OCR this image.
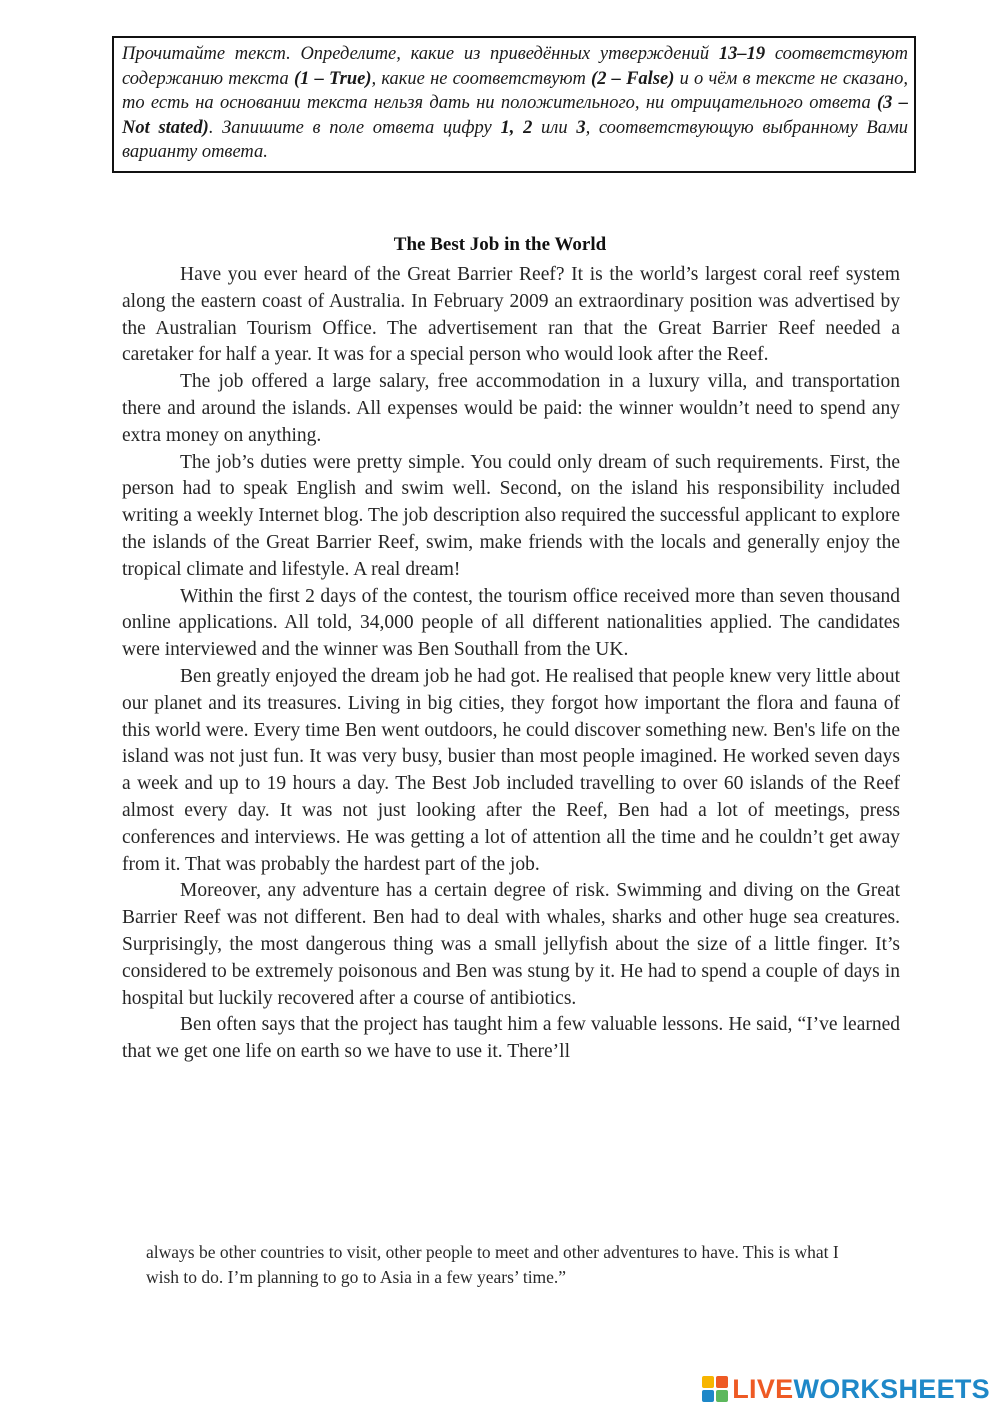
Прочитайте текст. Определите, какие из приведённых утверждений 13–19 соответствуют содержанию текста (1 – True), какие не соответствуют (2 – False) и о чём в тексте не сказано, то есть на основании текста нельзя дать ни положительного, ни отрицательного ответа (3 – Not stated). Запишите в поле ответа цифру 1, 2 или 3, соответствующую выбранному Вами варианту ответа.
The Best Job in the World

Have you ever heard of the Great Barrier Reef? It is the world’s largest coral reef system along the eastern coast of Australia. In February 2009 an extraordinary position was advertised by the Australian Tourism Office. The advertisement ran that the Great Barrier Reef needed a caretaker for half a year. It was for a special person who would look after the Reef.

The job offered a large salary, free accommodation in a luxury villa, and transportation there and around the islands. All expenses would be paid: the winner wouldn’t need to spend any extra money on anything.

The job’s duties were pretty simple. You could only dream of such requirements. First, the person had to speak English and swim well. Second, on the island his responsibility included writing a weekly Internet blog. The job description also required the successful applicant to explore the islands of the Great Barrier Reef, swim, make friends with the locals and generally enjoy the tropical climate and lifestyle. A real dream!

Within the first 2 days of the contest, the tourism office received more than seven thousand online applications. All told, 34,000 people of all different nationalities applied. The candidates were interviewed and the winner was Ben Southall from the UK.

Ben greatly enjoyed the dream job he had got. He realised that people knew very little about our planet and its treasures. Living in big cities, they forgot how important the flora and fauna of this world were. Every time Ben went outdoors, he could discover something new. Ben's life on the island was not just fun. It was very busy, busier than most people imagined. He worked seven days a week and up to 19 hours a day. The Best Job included travelling to over 60 islands of the Reef almost every day. It was not just looking after the Reef, Ben had a lot of meetings, press conferences and interviews. He was getting a lot of attention all the time and he couldn’t get away from it. That was probably the hardest part of the job.

Moreover, any adventure has a certain degree of risk. Swimming and diving on the Great Barrier Reef was not different. Ben had to deal with whales, sharks and other huge sea creatures. Surprisingly, the most dangerous thing was a small jellyfish about the size of a little finger. It’s considered to be extremely poisonous and Ben was stung by it. He had to spend a couple of days in hospital but luckily recovered after a course of antibiotics.

Ben often says that the project has taught him a few valuable lessons. He said, “I’ve learned that we get one life on earth so we have to use it. There’ll

always be other countries to visit, other people to meet and other adventures to have. This is what I wish to do. I’m planning to go to Asia in a few years’ time.”

LIVEWORKSHEETS
